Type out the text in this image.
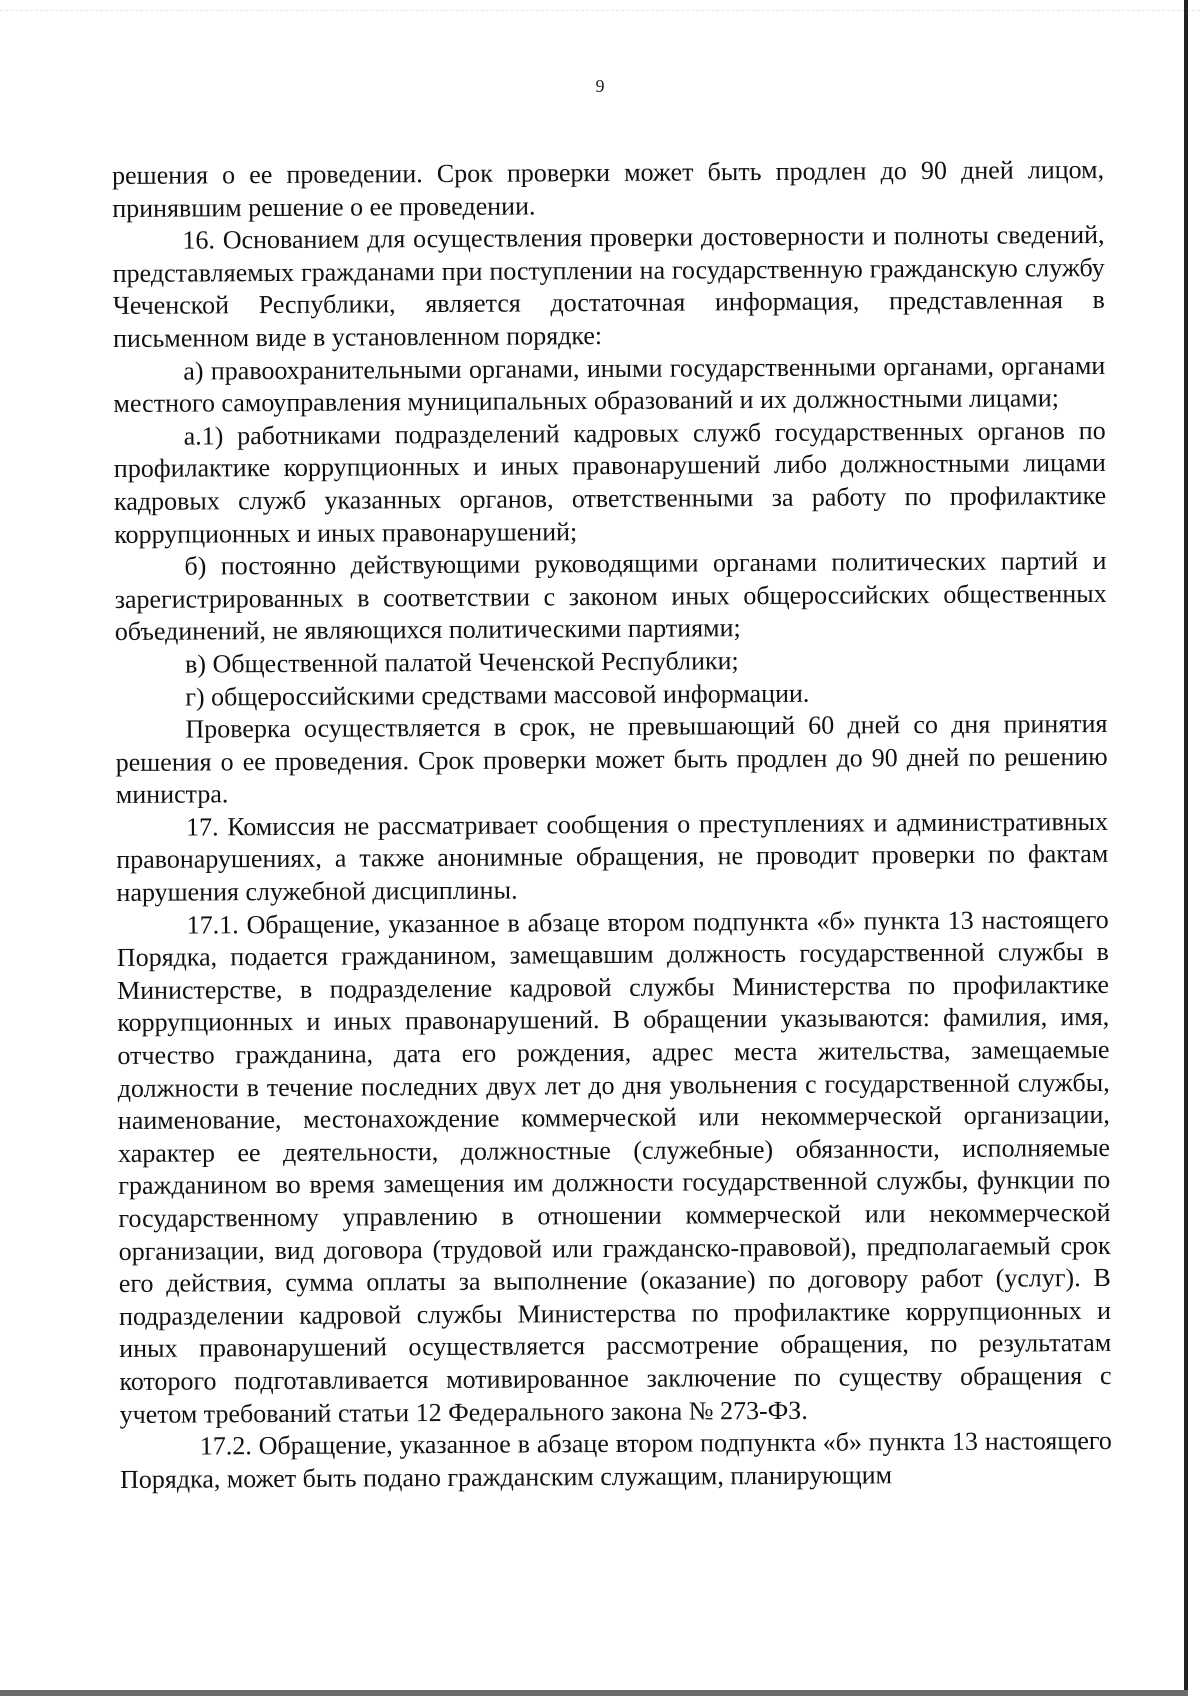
9

решения о ее проведении. Срок проверки может быть продлен до 90 дней лицом, принявшим решение о ее проведении.

16. Основанием для осуществления проверки достоверности и полноты сведений, представляемых гражданами при поступлении на государственную гражданскую службу Чеченской Республики, является достаточная информация, представленная в письменном виде в установленном порядке:

а) правоохранительными органами, иными государственными органами, органами местного самоуправления муниципальных образований и их должностными лицами;

а.1) работниками подразделений кадровых служб государственных органов по профилактике коррупционных и иных правонарушений либо должностными лицами кадровых служб указанных органов, ответственными за работу по профилактике коррупционных и иных правонарушений;

б) постоянно действующими руководящими органами политических партий и зарегистрированных в соответствии с законом иных общероссийских общественных объединений, не являющихся политическими партиями;

в) Общественной палатой Чеченской Республики;

г) общероссийскими средствами массовой информации.

Проверка осуществляется в срок, не превышающий 60 дней со дня принятия решения о ее проведения. Срок проверки может быть продлен до 90 дней по решению министра.

17. Комиссия не рассматривает сообщения о преступлениях и административных правонарушениях, а также анонимные обращения, не проводит проверки по фактам нарушения служебной дисциплины.

17.1. Обращение, указанное в абзаце втором подпункта «б» пункта 13 настоящего Порядка, подается гражданином, замещавшим должность государственной службы в Министерстве, в подразделение кадровой службы Министерства по профилактике коррупционных и иных правонарушений. В обращении указываются: фамилия, имя, отчество гражданина, дата его рождения, адрес места жительства, замещаемые должности в течение последних двух лет до дня увольнения с государственной службы, наименование, местонахождение коммерческой или некоммерческой организации, характер ее деятельности, должностные (служебные) обязанности, исполняемые гражданином во время замещения им должности государственной службы, функции по государственному управлению в отношении коммерческой или некоммерческой организации, вид договора (трудовой или гражданско-правовой), предполагаемый срок его действия, сумма оплаты за выполнение (оказание) по договору работ (услуг). В подразделении кадровой службы Министерства по профилактике коррупционных и иных правонарушений осуществляется рассмотрение обращения, по результатам которого подготавливается мотивированное заключение по существу обращения с учетом требований статьи 12 Федерального закона № 273-ФЗ.

17.2. Обращение, указанное в абзаце втором подпункта «б» пункта 13 настоящего Порядка, может быть подано гражданским служащим, планирующим
